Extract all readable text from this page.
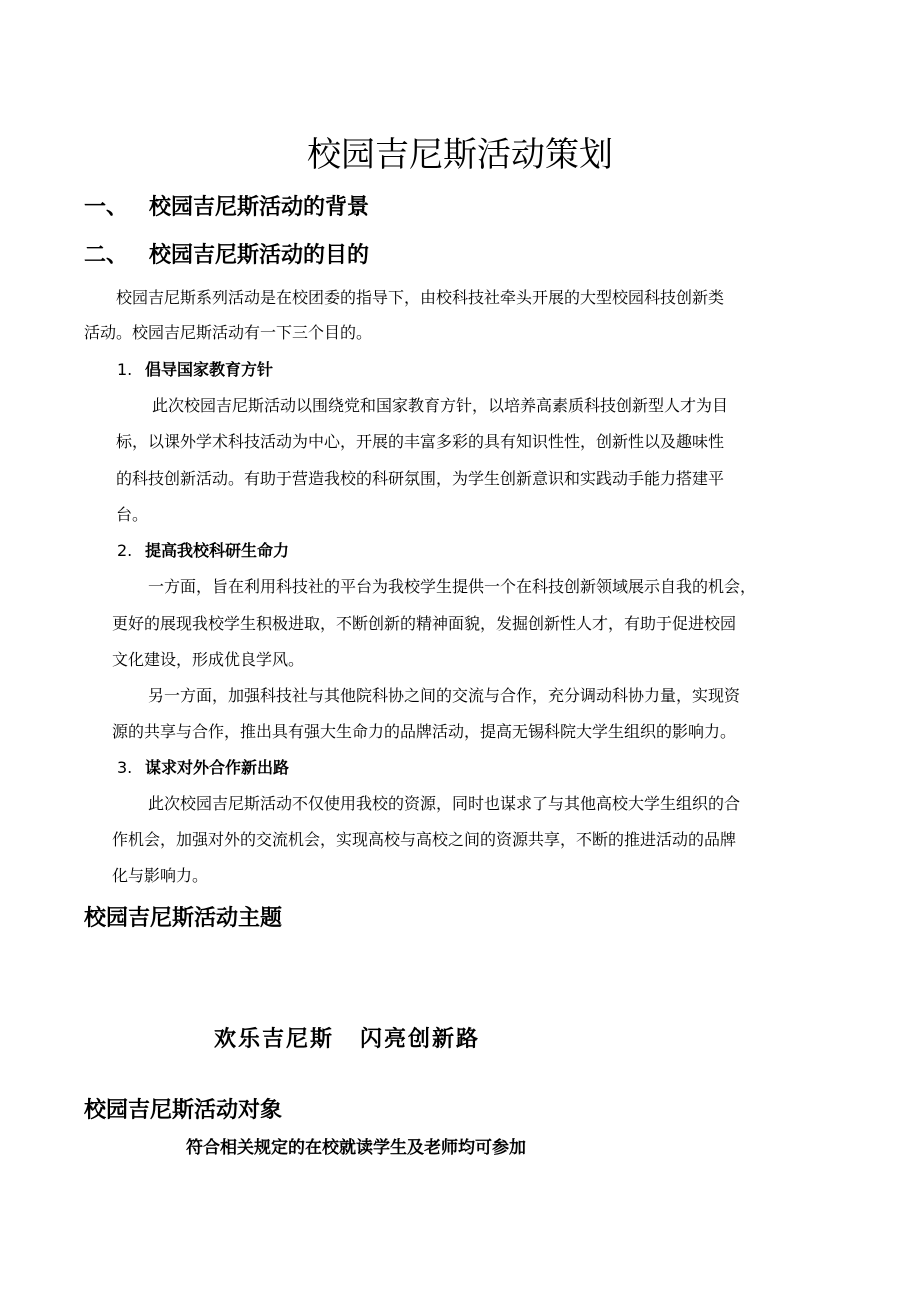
校园吉尼斯活动策划
一、 校园吉尼斯活动的背景
二、 校园吉尼斯活动的目的
校园吉尼斯系列活动是在校团委的指导下，由校科技社牵头开展的大型校园科技创新类
活动。校园吉尼斯活动有一下三个目的。
1. 倡导国家教育方针
此次校园吉尼斯活动以围绕党和国家教育方针，以培养高素质科技创新型人才为目
标，以课外学术科技活动为中心，开展的丰富多彩的具有知识性性，创新性以及趣味性
的科技创新活动。有助于营造我校的科研氛围，为学生创新意识和实践动手能力搭建平
台。
2. 提高我校科研生命力
一方面，旨在利用科技社的平台为我校学生提供一个在科技创新领域展示自我的机会，
更好的展现我校学生积极进取，不断创新的精神面貌，发掘创新性人才，有助于促进校园
文化建设，形成优良学风。
另一方面，加强科技社与其他院科协之间的交流与合作，充分调动科协力量，实现资
源的共享与合作，推出具有强大生命力的品牌活动，提高无锡科院大学生组织的影响力。
3. 谋求对外合作新出路
此次校园吉尼斯活动不仅使用我校的资源，同时也谋求了与其他高校大学生组织的合
作机会，加强对外的交流机会，实现高校与高校之间的资源共享，不断的推进活动的品牌
化与影响力。
校园吉尼斯活动主题
欢乐吉尼斯 闪亮创新路
校园吉尼斯活动对象
符合相关规定的在校就读学生及老师均可参加
